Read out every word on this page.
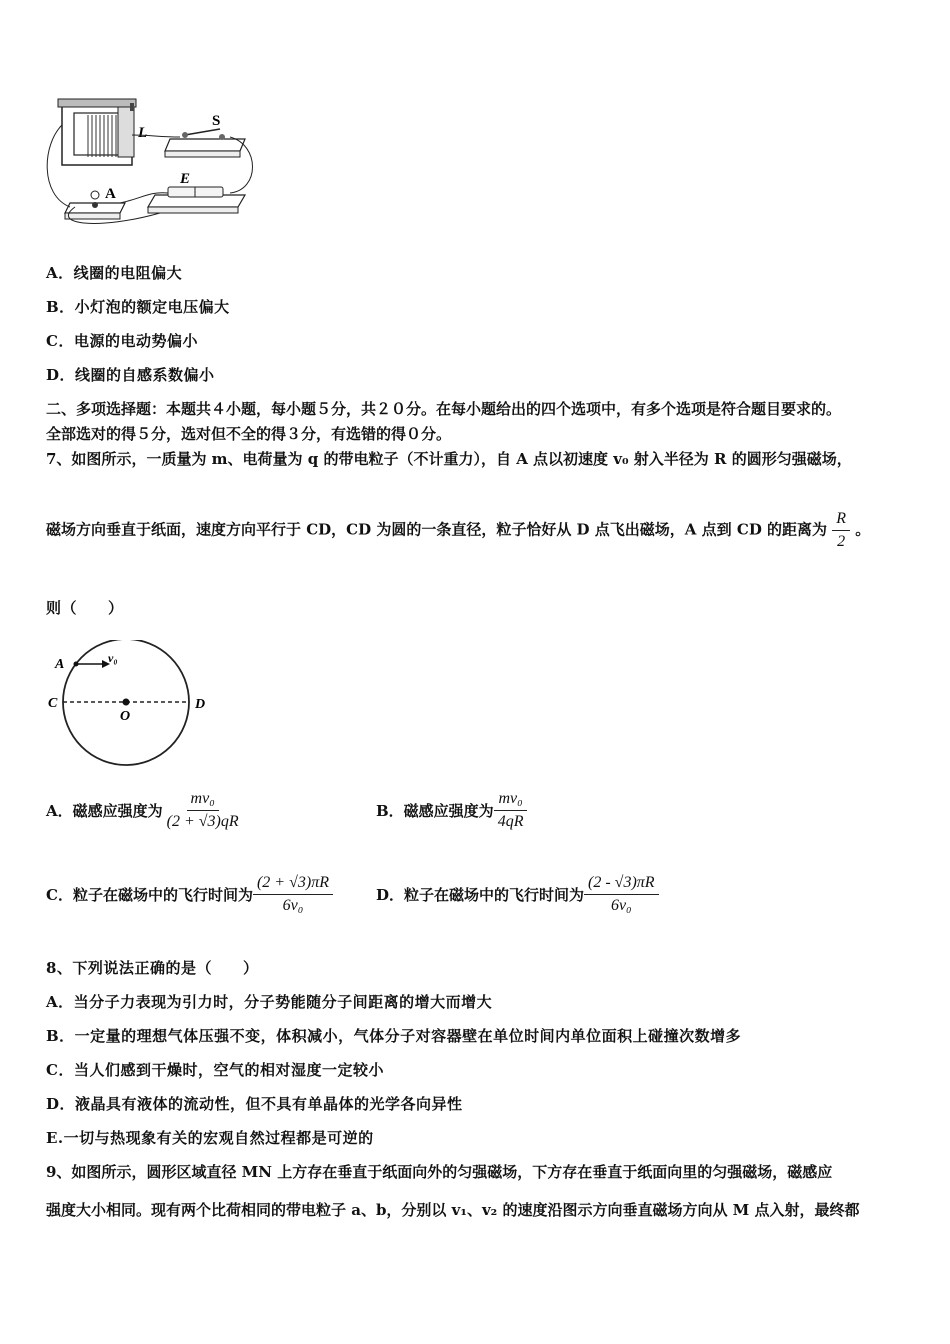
L
S
E
A
A．线圈的电阻偏大
B．小灯泡的额定电压偏大
C．电源的电动势偏小
D．线圈的自感系数偏小
二、多项选择题：本题共４小题，每小题５分，共２０分。在每小题给出的四个选项中，有多个选项是符合题目要求的。
全部选对的得５分，选对但不全的得３分，有选错的得０分。
7、如图所示，一质量为 m、电荷量为 q 的带电粒子（不计重力），自 A 点以初速度 v₀ 射入半径为 R 的圆形匀强磁场，
磁场方向垂直于纸面，速度方向平行于 CD，CD 为圆的一条直径，粒子恰好从 D 点飞出磁场，A 点到 CD 的距离为 $\frac{R}{2}$ 。
则（　　）
A	v₀
C
O
D
A．磁感应强度为 $\frac{\text{mv₀}}{(2 + √3)qR}$	B．磁感应强度为 $\frac{\text{mv₀}}{4qR}$
C．粒子在磁场中的飞行时间为 $\frac{(2 + √3)\pi R}{\text{6v₀}}$	D．粒子在磁场中的飞行时间为 $\frac{(2 - √3)\pi R}{\text{6v₀}}$
8、下列说法正确的是（　　）
A．当分子力表现为引力时，分子势能随分子间距离的增大而增大
B．一定量的理想气体压强不变，体积减小，气体分子对容器壁在单位时间内单位面积上碰撞次数增多
C．当人们感到干燥时，空气的相对湿度一定较小
D．液晶具有液体的流动性，但不具有单晶体的光学各向异性
E.一切与热现象有关的宏观自然过程都是可逆的
9、如图所示，圆形区域直径 MN 上方存在垂直于纸面向外的匀强磁场，下方存在垂直于纸面向里的匀强磁场，磁感应
强度大小相同。现有两个比荷相同的带电粒子 a、b，分别以 v₁、v₂ 的速度沿图示方向垂直磁场方向从 M 点入射，最终都
